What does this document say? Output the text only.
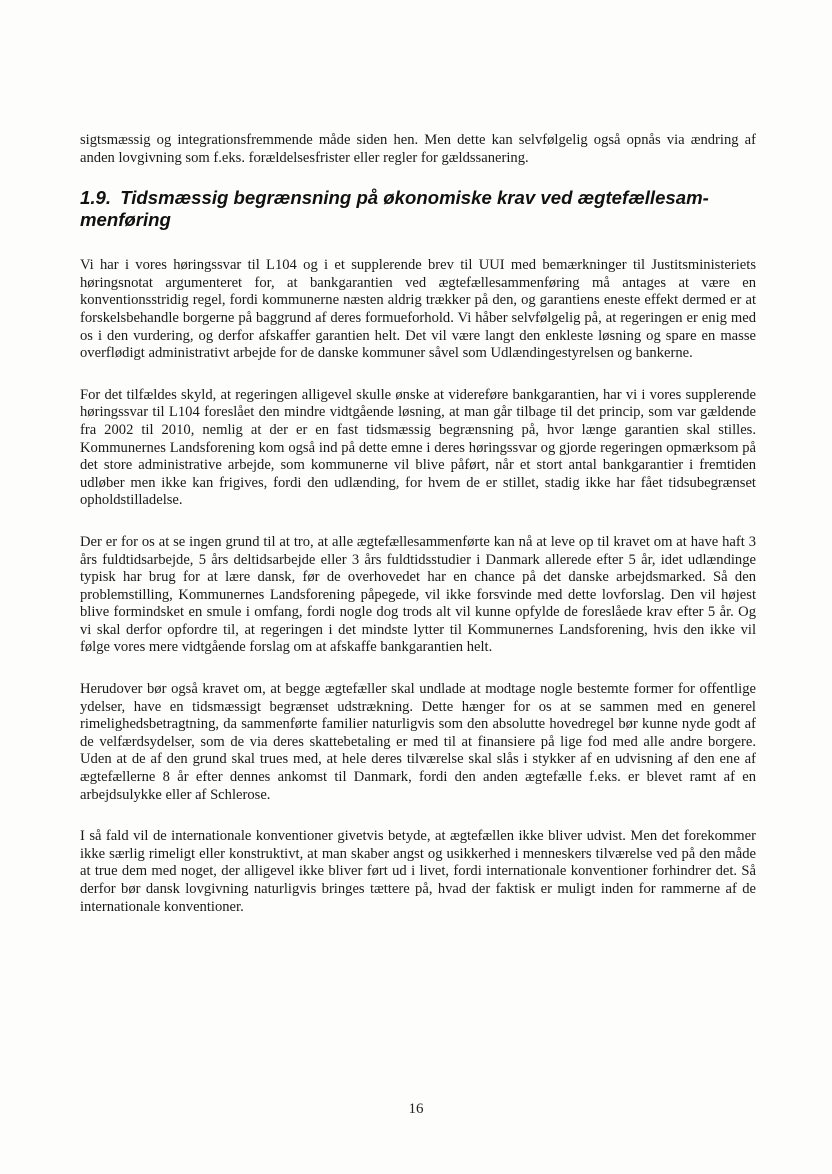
sigtsmæssig og integrationsfremmende måde siden hen. Men dette kan selvfølgelig også opnås via ændring af anden lovgivning som f.eks. forældelsesfrister eller regler for gældssanering.

1.9. Tidsmæssig begrænsning på økonomiske krav ved ægtefællesam-menføring

Vi har i vores høringssvar til L104 og i et supplerende brev til UUI med bemærkninger til Justitsministeriets høringsnotat argumenteret for, at bankgarantien ved ægtefællesammenføring må antages at være en konventionsstridig regel, fordi kommunerne næsten aldrig trækker på den, og garantiens eneste effekt dermed er at forskelsbehandle borgerne på baggrund af deres formueforhold. Vi håber selvfølgelig på, at regeringen er enig med os i den vurdering, og derfor afskaffer garantien helt. Det vil være langt den enkleste løsning og spare en masse overflødigt administrativt arbejde for de danske kommuner såvel som Udlændingestyrelsen og bankerne.

For det tilfældes skyld, at regeringen alligevel skulle ønske at videreføre bankgarantien, har vi i vores supplerende høringssvar til L104 foreslået den mindre vidtgående løsning, at man går tilbage til det princip, som var gældende fra 2002 til 2010, nemlig at der er en fast tidsmæssig begrænsning på, hvor længe garantien skal stilles. Kommunernes Landsforening kom også ind på dette emne i deres høringssvar og gjorde regeringen opmærksom på det store administrative arbejde, som kommunerne vil blive påført, når et stort antal bankgarantier i fremtiden udløber men ikke kan frigives, fordi den udlænding, for hvem de er stillet, stadig ikke har fået tidsubegrænset opholdstilladelse.

Der er for os at se ingen grund til at tro, at alle ægtefællesammenførte kan nå at leve op til kravet om at have haft 3 års fuldtidsarbejde, 5 års deltidsarbejde eller 3 års fuldtidsstudier i Danmark allerede efter 5 år, idet udlændinge typisk har brug for at lære dansk, før de overhovedet har en chance på det danske arbejdsmarked. Så den problemstilling, Kommunernes Landsforening påpegede, vil ikke forsvinde med dette lovforslag. Den vil højest blive formindsket en smule i omfang, fordi nogle dog trods alt vil kunne opfylde de foreslåede krav efter 5 år. Og vi skal derfor opfordre til, at regeringen i det mindste lytter til Kommunernes Landsforening, hvis den ikke vil følge vores mere vidtgående forslag om at afskaffe bankgarantien helt.

Herudover bør også kravet om, at begge ægtefæller skal undlade at modtage nogle bestemte former for offentlige ydelser, have en tidsmæssigt begrænset udstrækning. Dette hænger for os at se sammen med en generel rimelighedsbetragtning, da sammenførte familier naturligvis som den absolutte hovedregel bør kunne nyde godt af de velfærdsydelser, som de via deres skattebetaling er med til at finansiere på lige fod med alle andre borgere. Uden at de af den grund skal trues med, at hele deres tilværelse skal slås i stykker af en udvisning af den ene af ægtefællerne 8 år efter dennes ankomst til Danmark, fordi den anden ægtefælle f.eks. er blevet ramt af en arbejdsulykke eller af Schlerose.

I så fald vil de internationale konventioner givetvis betyde, at ægtefællen ikke bliver udvist. Men det forekommer ikke særlig rimeligt eller konstruktivt, at man skaber angst og usikkerhed i menneskers tilværelse ved på den måde at true dem med noget, der alligevel ikke bliver ført ud i livet, fordi internationale konventioner forhindrer det. Så derfor bør dansk lovgivning naturligvis bringes tættere på, hvad der faktisk er muligt inden for rammerne af de internationale konventioner.

16
